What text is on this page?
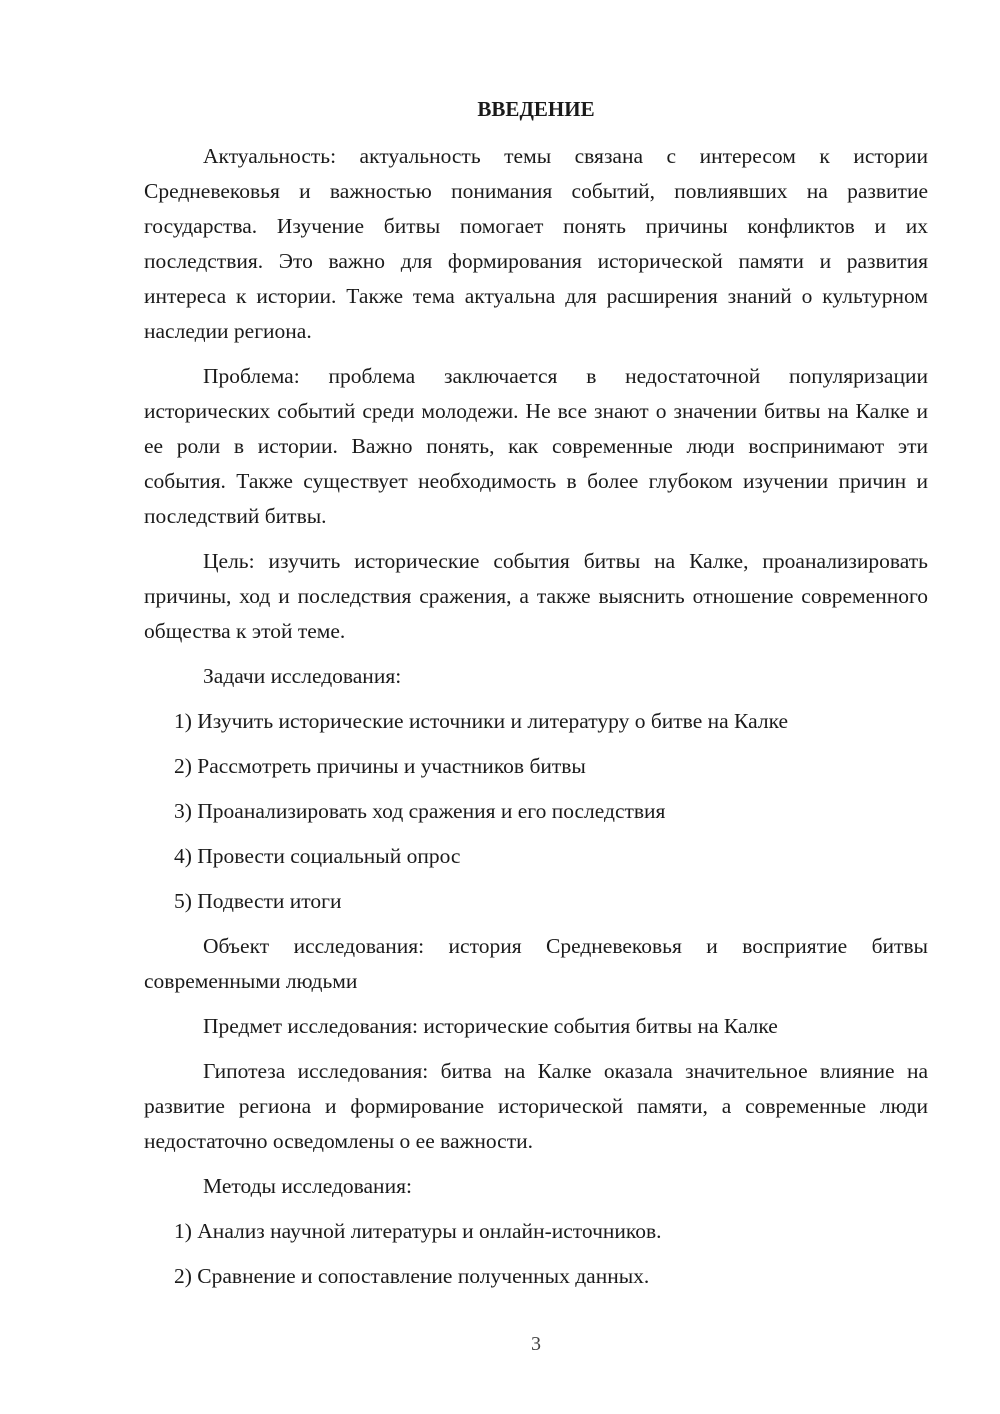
ВВЕДЕНИЕ

Актуальность: актуальность темы связана с интересом к истории Средневековья и важностью понимания событий, повлиявших на развитие государства. Изучение битвы помогает понять причины конфликтов и их последствия. Это важно для формирования исторической памяти и развития интереса к истории. Также тема актуальна для расширения знаний о культурном наследии региона.

Проблема: проблема заключается в недостаточной популяризации исторических событий среди молодежи. Не все знают о значении битвы на Калке и ее роли в истории. Важно понять, как современные люди воспринимают эти события. Также существует необходимость в более глубоком изучении причин и последствий битвы.

Цель: изучить исторические события битвы на Калке, проанализировать причины, ход и последствия сражения, а также выяснить отношение современного общества к этой теме.

Задачи исследования:

1) Изучить исторические источники и литературу о битве на Калке
2) Рассмотреть причины и участников битвы
3) Проанализировать ход сражения и его последствия
4) Провести социальный опрос
5) Подвести итоги

Объект исследования: история Средневековья и восприятие битвы современными людьми

Предмет исследования: исторические события битвы на Калке

Гипотеза исследования: битва на Калке оказала значительное влияние на развитие региона и формирование исторической памяти, а современные люди недостаточно осведомлены о ее важности.

Методы исследования:

1) Анализ научной литературы и онлайн-источников.
2) Сравнение и сопоставление полученных данных.
3
